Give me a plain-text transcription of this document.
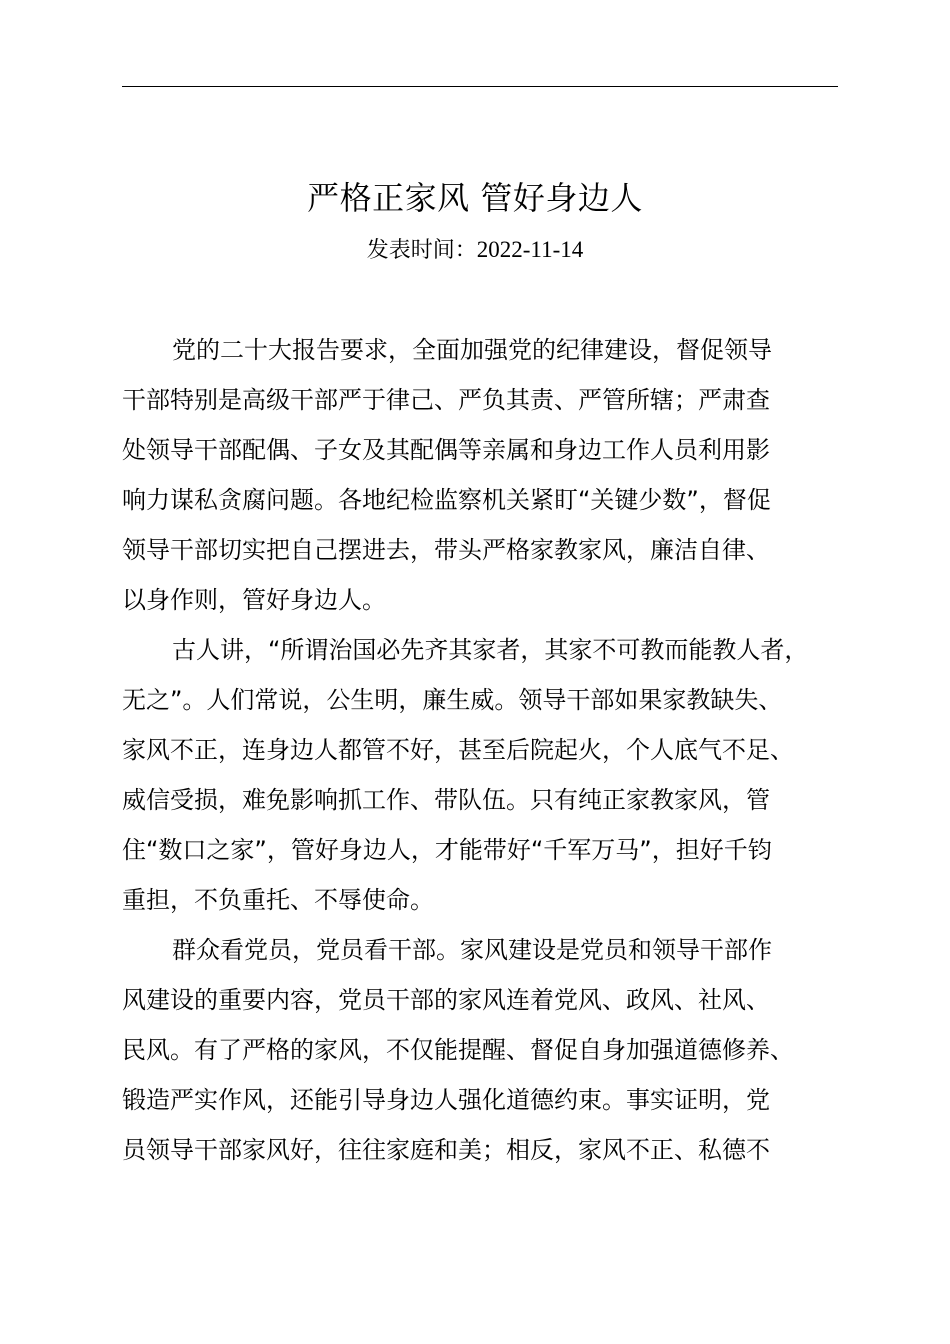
严格正家风 管好身边人
发表时间：2022-11-14
党的二十大报告要求，全面加强党的纪律建设，督促领导
干部特别是高级干部严于律己、严负其责、严管所辖；严肃查
处领导干部配偶、子女及其配偶等亲属和身边工作人员利用影
响力谋私贪腐问题。各地纪检监察机关紧盯“关键少数”，督促
领导干部切实把自己摆进去，带头严格家教家风，廉洁自律、
以身作则，管好身边人。
古人讲，“所谓治国必先齐其家者，其家不可教而能教人者，
无之”。人们常说，公生明，廉生威。领导干部如果家教缺失、
家风不正，连身边人都管不好，甚至后院起火，个人底气不足、
威信受损，难免影响抓工作、带队伍。只有纯正家教家风，管
住“数口之家”，管好身边人，才能带好“千军万马”，担好千钧
重担，不负重托、不辱使命。
群众看党员，党员看干部。家风建设是党员和领导干部作
风建设的重要内容，党员干部的家风连着党风、政风、社风、
民风。有了严格的家风，不仅能提醒、督促自身加强道德修养、
锻造严实作风，还能引导身边人强化道德约束。事实证明，党
员领导干部家风好，往往家庭和美；相反，家风不正、私德不
